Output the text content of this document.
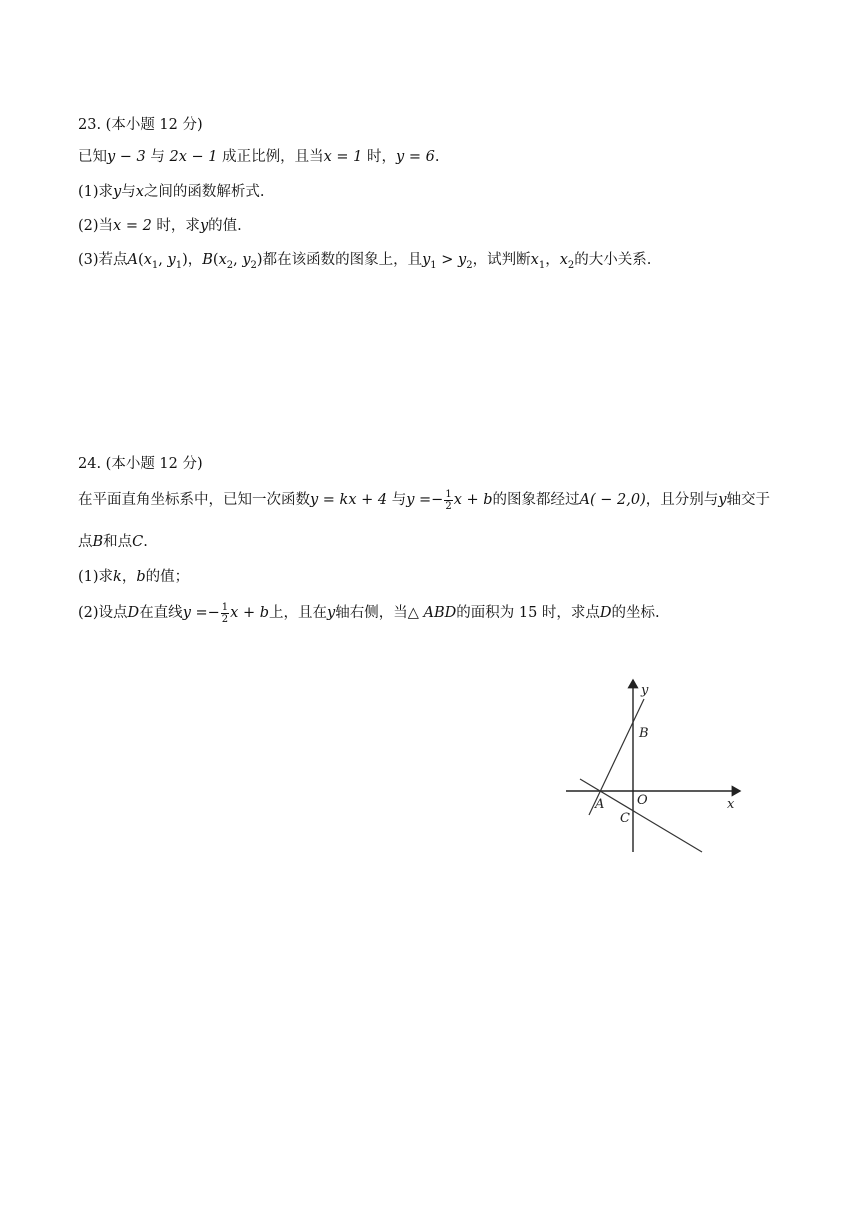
23. (本小题 12 分)
已知y − 3 与 2x − 1 成正比例，且当x = 1 时，y = 6.
(1)求y与x之间的函数解析式.
(2)当x = 2 时，求y的值.
(3)若点$A(x_1$, $y_1$)，$B(x_2$, $y_2$)都在该函数的图象上，且$y_1 > y_2$，试判断$x_1$，$x_2$的大小关系.
24. (本小题 12 分)
在平面直角坐标系中，已知一次函数y = kx + 4 与$y =- \frac{1}{2}$ x + b的图象都经过A( − 2,0)，且分别与y轴交于
点B和点C.
(1)求k，b的值；
(2)设点D在直线$y =- \frac{1}{2}$ x + b上，且在y轴右侧，当△ ABD的面积为 15 时，求点D的坐标.
y
x
B
A	O
C
